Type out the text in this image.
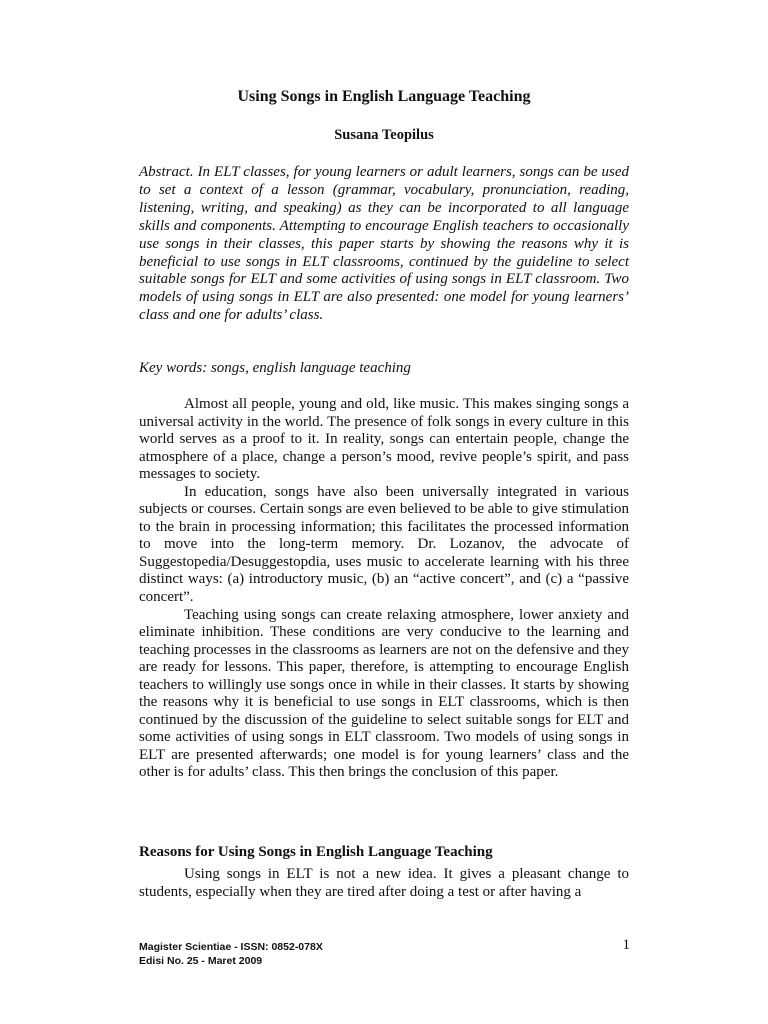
Using Songs in English Language Teaching
Susana Teopilus

Abstract. In ELT classes, for young learners or adult learners, songs can be used to set a context of a lesson (grammar, vocabulary, pronunciation, reading, listening, writing, and speaking) as they can be incorporated to all language skills and components. Attempting to encourage English teachers to occasionally use songs in their classes, this paper starts by showing the reasons why it is beneficial to use songs in ELT classrooms, continued by the guideline to select suitable songs for ELT and some activities of using songs in ELT classroom. Two models of using songs in ELT are also presented: one model for young learners’ class and one for adults’ class.

Key words: songs, english language teaching

Almost all people, young and old, like music. This makes singing songs a universal activity in the world. The presence of folk songs in every culture in this world serves as a proof to it. In reality, songs can entertain people, change the atmosphere of a place, change a person’s mood, revive people’s spirit, and pass messages to society.

In education, songs have also been universally integrated in various subjects or courses. Certain songs are even believed to be able to give stimulation to the brain in processing information; this facilitates the processed information to move into the long-term memory. Dr. Lozanov, the advocate of Suggestopedia/Desuggestopdia, uses music to accelerate learning with his three distinct ways: (a) introductory music, (b) an “active concert”, and (c) a “passive concert”.

Teaching using songs can create relaxing atmosphere, lower anxiety and eliminate inhibition. These conditions are very conducive to the learning and teaching processes in the classrooms as learners are not on the defensive and they are ready for lessons. This paper, therefore, is attempting to encourage English teachers to willingly use songs once in while in their classes. It starts by showing the reasons why it is beneficial to use songs in ELT classrooms, which is then continued by the discussion of the guideline to select suitable songs for ELT and some activities of using songs in ELT classroom. Two models of using songs in ELT are presented afterwards; one model is for young learners’ class and the other is for adults’ class. This then brings the conclusion of this paper.

Reasons for Using Songs in English Language Teaching

Using songs in ELT is not a new idea. It gives a pleasant change to students, especially when they are tired after doing a test or after having a

Magister Scientiae - ISSN: 0852-078X
Edisi No. 25 - Maret 2009
1
